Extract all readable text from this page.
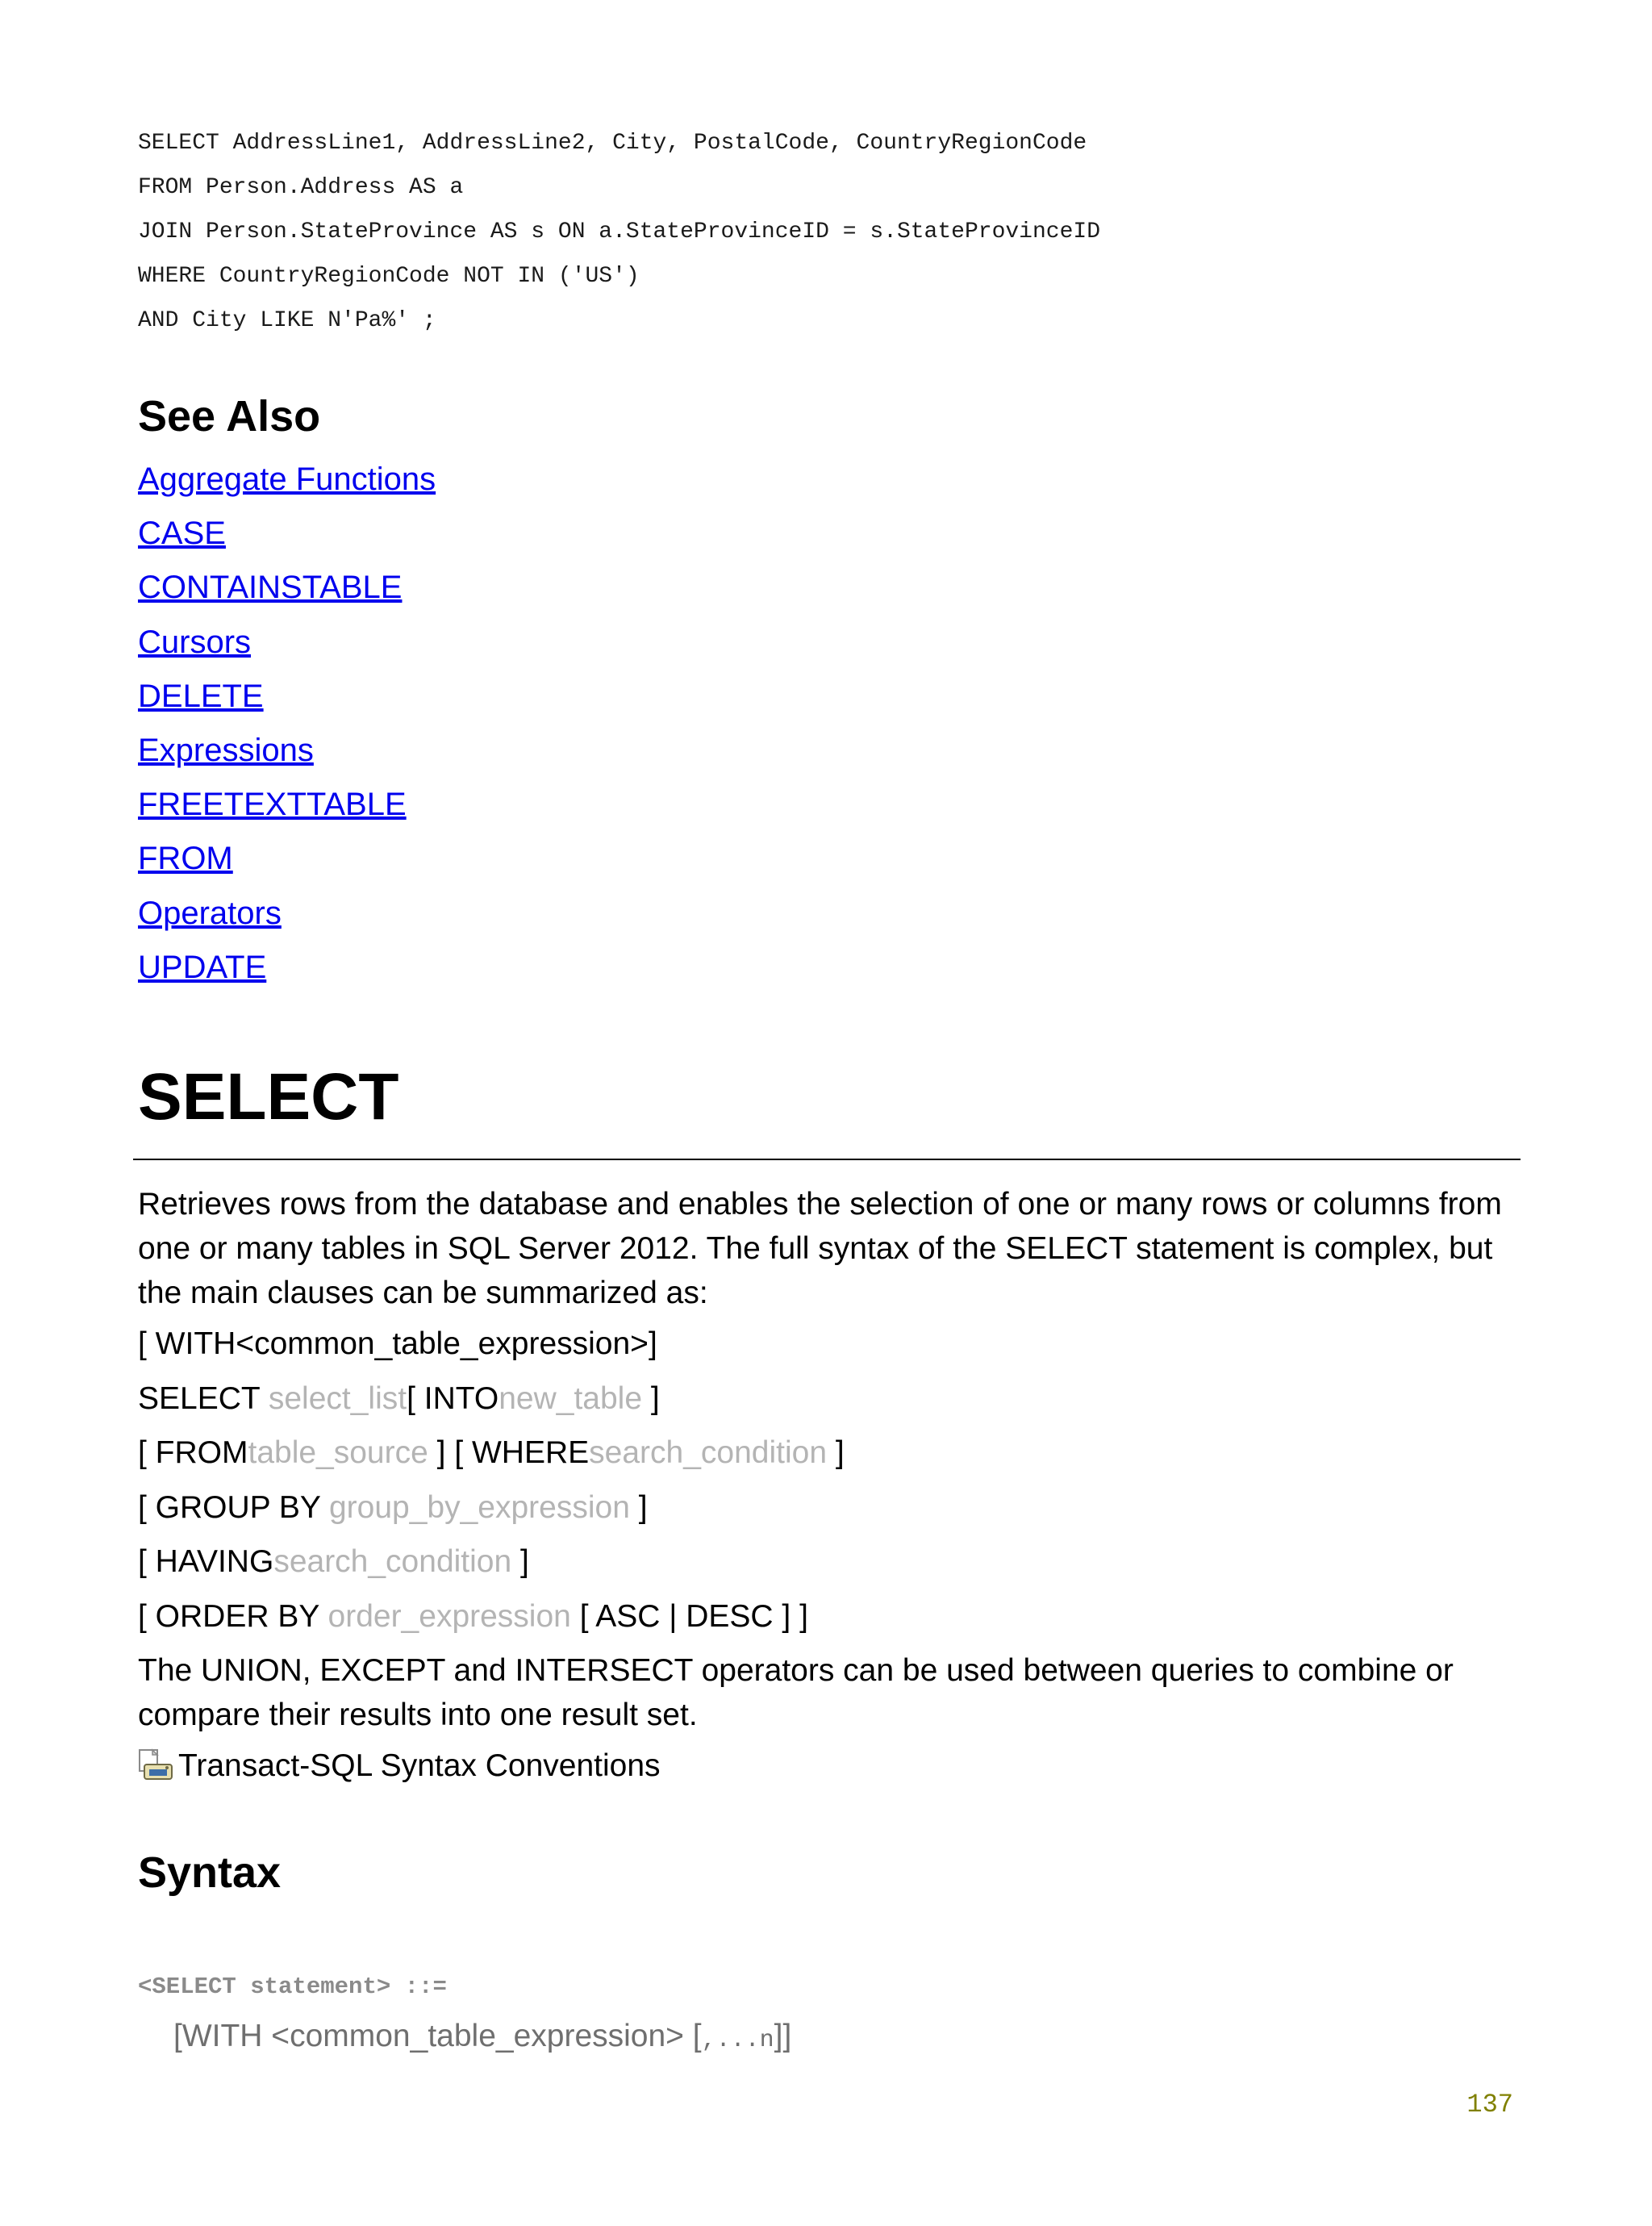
SELECT AddressLine1, AddressLine2, City, PostalCode, CountryRegionCode
FROM Person.Address AS a
JOIN Person.StateProvince AS s ON a.StateProvinceID = s.StateProvinceID
WHERE CountryRegionCode NOT IN ('US')
AND City LIKE N'Pa%' ;
See Also
Aggregate Functions
CASE
CONTAINSTABLE
Cursors
DELETE
Expressions
FREETEXTTABLE
FROM
Operators
UPDATE
SELECT

Retrieves rows from the database and enables the selection of one or many rows or columns from one or many tables in SQL Server 2012. The full syntax of the SELECT statement is complex, but the main clauses can be summarized as:

[ WITH<common_table_expression>]
SELECT select_list[ INTOnew_table ]
[ FROMtable_source ] [ WHEREsearch_condition ]
[ GROUP BY group_by_expression ]
[ HAVINGsearch_condition ]
[ ORDER BY order_expression [ ASC | DESC ] ]

The UNION, EXCEPT and INTERSECT operators can be used between queries to combine or compare their results into one result set.

Transact-SQL Syntax Conventions
Syntax
<SELECT statement> ::=
[WITH <common_table_expression> [,...n]]
137
